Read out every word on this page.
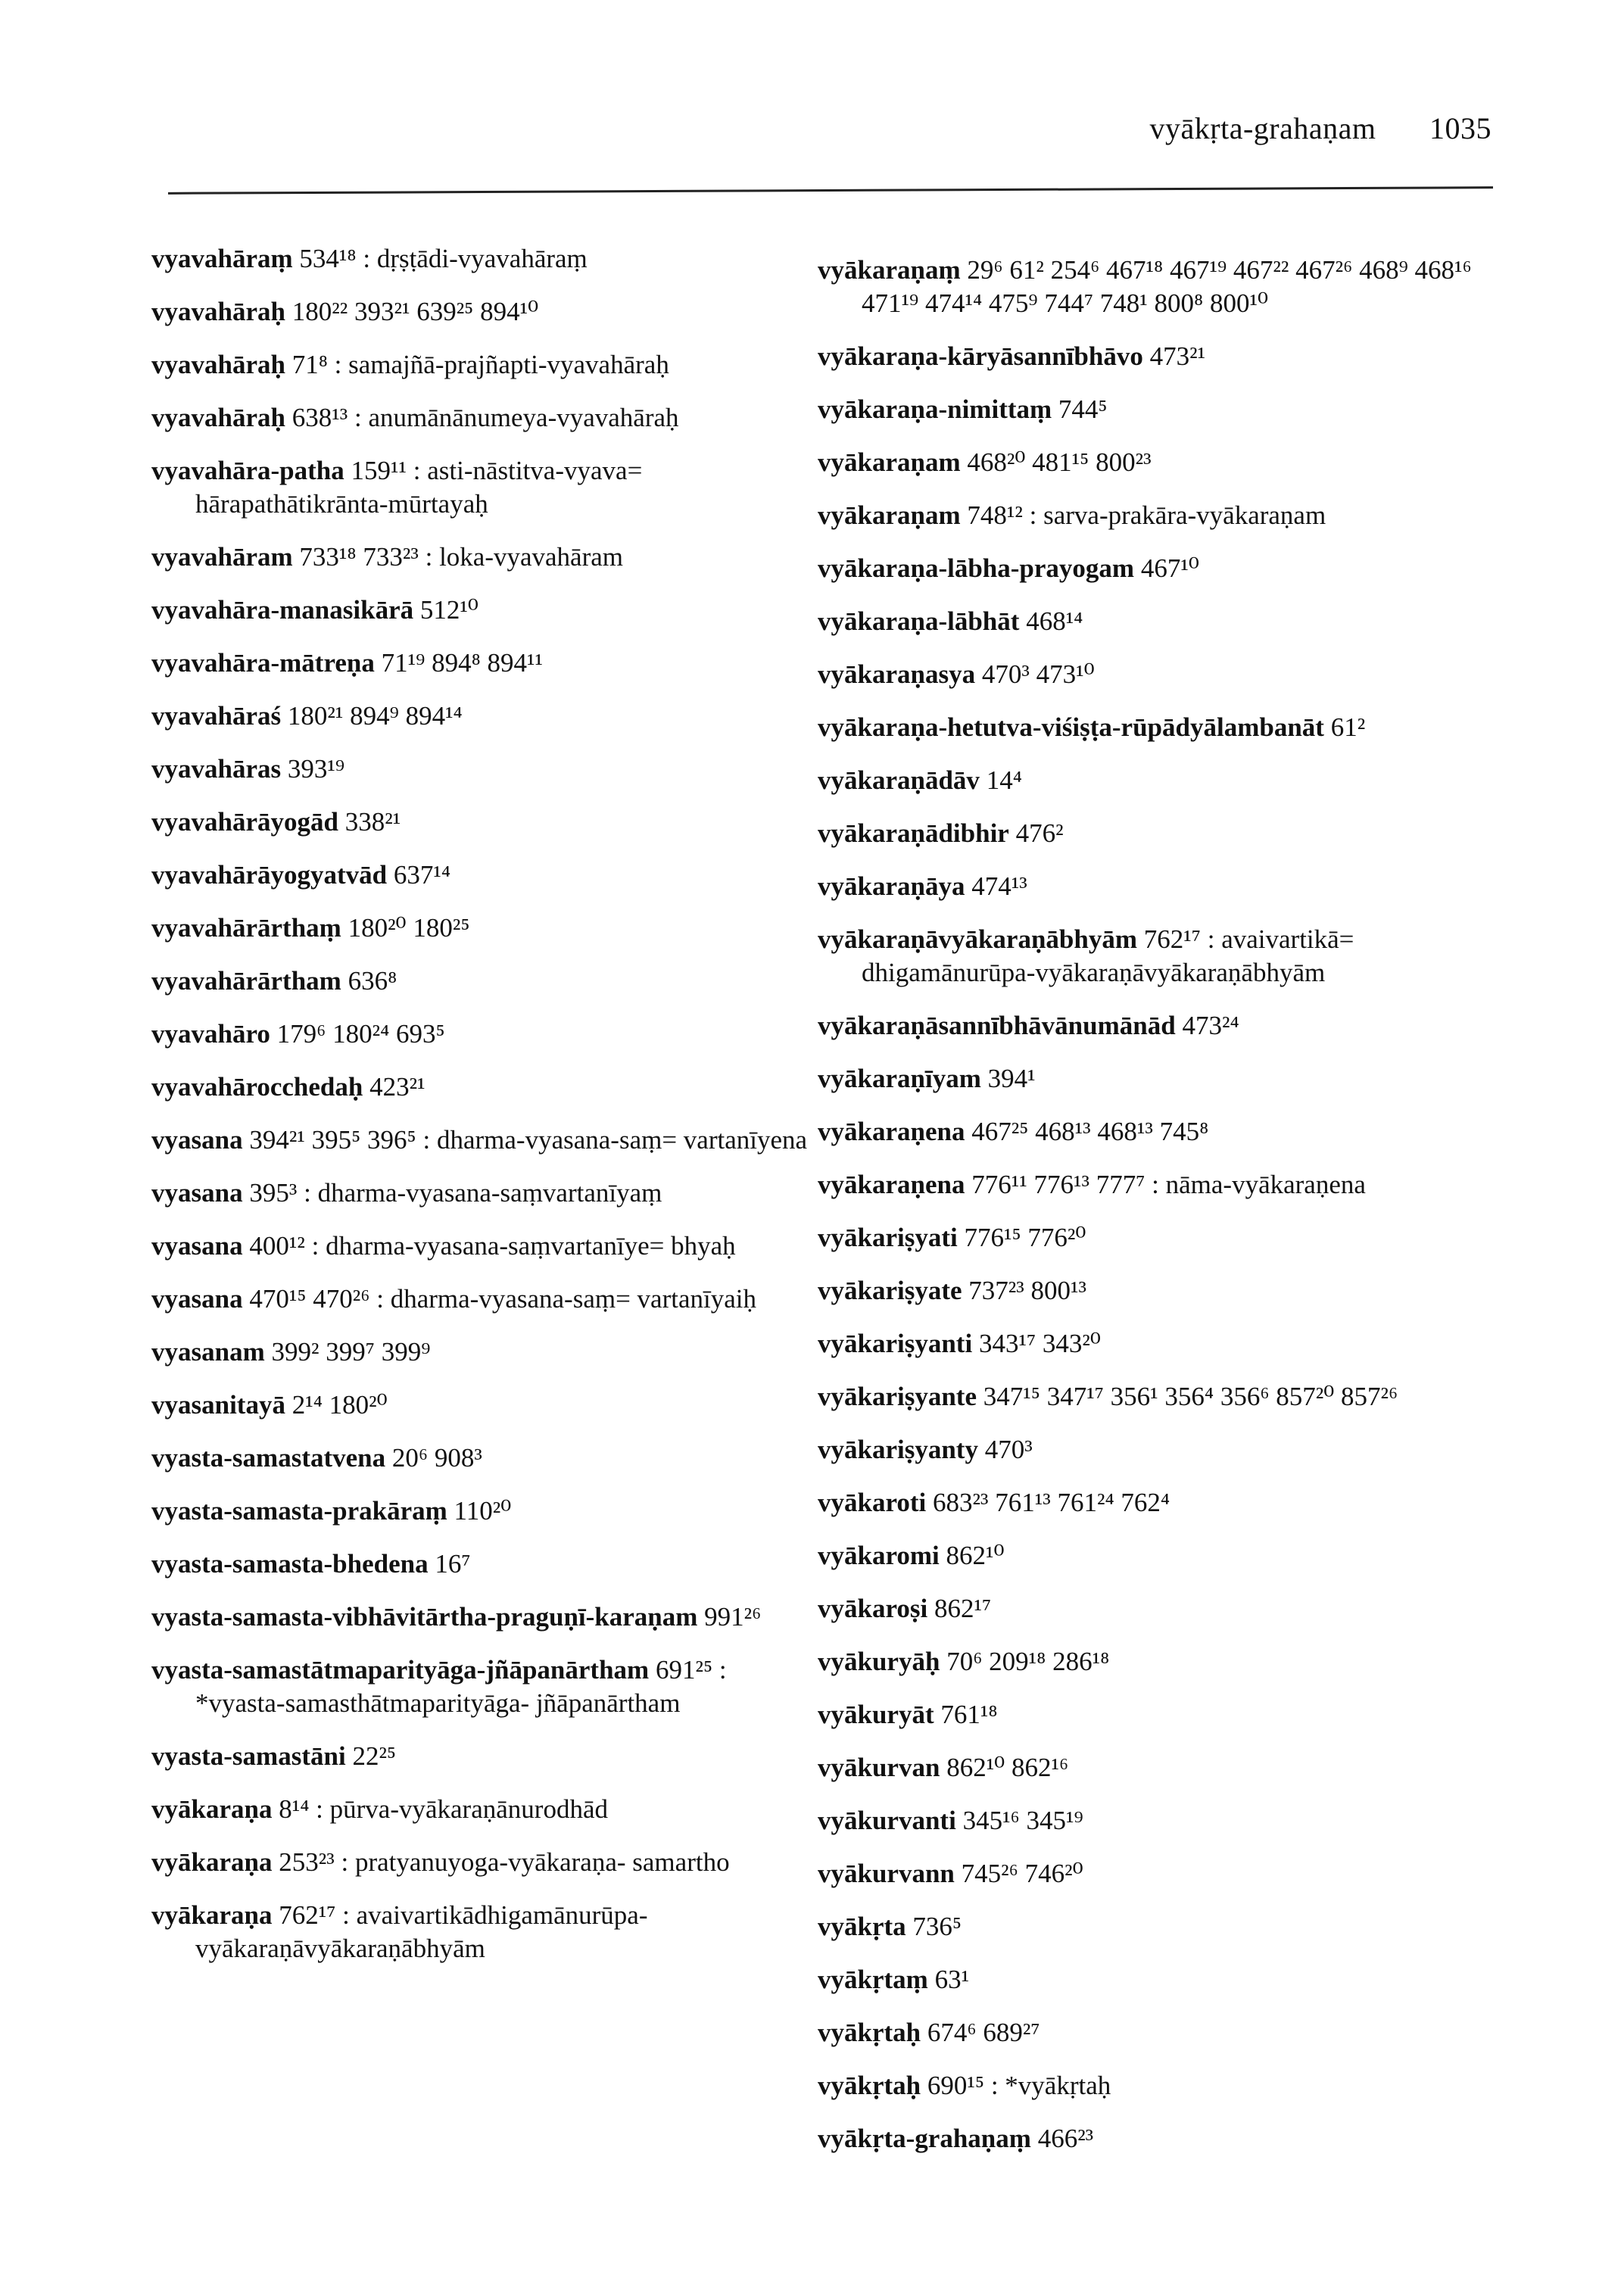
vyākṛta-grahaṇam 1035
vyavahāraṃ 534¹⁸ : dṛṣṭādi-vyavahāraṃ
vyavahāraḥ 180²² 393²¹ 639²⁵ 894¹⁰
vyavahāraḥ 71⁸ : samajñā-prajñapti-vyavahāraḥ
vyavahāraḥ 638¹³ : anumānānumeya-vyavahāraḥ
vyavahāra-patha 159¹¹ : asti-nāstitva-vyava= hārapathātikrānta-mūrtayaḥ
vyavahāram 733¹⁸ 733²³ : loka-vyavahāram
vyavahāra-manasikārā 512¹⁰
vyavahāra-mātreṇa 71¹⁹ 894⁸ 894¹¹
vyavahāraś 180²¹ 894⁹ 894¹⁴
vyavahāras 393¹⁹
vyavahārāyogād 338²¹
vyavahārāyogyatvād 637¹⁴
vyavahārārthaṃ 180²⁰ 180²⁵
vyavahārārtham 636⁸
vyavahāro 179⁶ 180²⁴ 693⁵
vyavahārocchedaḥ 423²¹
vyasana 394²¹ 395⁵ 396⁵ : dharma-vyasana-saṃ= vartanīyena
vyasana 395³ : dharma-vyasana-saṃvartanīyaṃ
vyasana 400¹² : dharma-vyasana-saṃvartanīye= bhyaḥ
vyasana 470¹⁵ 470²⁶ : dharma-vyasana-saṃ= vartanīyaiḥ
vyasanam 399² 399⁷ 399⁹
vyasanitayā 2¹⁴ 180²⁰
vyasta-samastatvena 20⁶ 908³
vyasta-samasta-prakāraṃ 110²⁰
vyasta-samasta-bhedena 16⁷
vyasta-samasta-vibhāvitārtha-praguṇī-karaṇam 991²⁶
vyasta-samastātmaparityāga-jñāpanārtham 691²⁵ : *vyasta-samasthātmaparityāga- jñāpanārtham
vyasta-samastāni 22²⁵
vyākaraṇa 8¹⁴ : pūrva-vyākaraṇānurodhād
vyākaraṇa 253²³ : pratyanuyoga-vyākaraṇa- samartho
vyākaraṇa 762¹⁷ : avaivartikādhigamānurūpa- vyākaraṇāvyākaraṇābhyām
vyākaraṇaṃ 29⁶ 61² 254⁶ 467¹⁸ 467¹⁹ 467²² 467²⁶ 468⁹ 468¹⁶ 471¹⁹ 474¹⁴ 475⁹ 744⁷ 748¹ 800⁸ 800¹⁰
vyākaraṇa-kāryāsannībhāvo 473²¹
vyākaraṇa-nimittaṃ 744⁵
vyākaraṇam 468²⁰ 481¹⁵ 800²³
vyākaraṇam 748¹² : sarva-prakāra-vyākaraṇam
vyākaraṇa-lābha-prayogam 467¹⁰
vyākaraṇa-lābhāt 468¹⁴
vyākaraṇasya 470³ 473¹⁰
vyākaraṇa-hetutva-viśiṣṭa-rūpādyālambanāt 61²
vyākaraṇādāv 14⁴
vyākaraṇādibhir 476²
vyākaraṇāya 474¹³
vyākaraṇāvyākaraṇābhyām 762¹⁷ : avaivartikā= dhigamānurūpa-vyākaraṇāvyākaraṇābhyām
vyākaraṇāsannībhāvānumānād 473²⁴
vyākaraṇīyam 394¹
vyākaraṇena 467²⁵ 468¹³ 468¹³ 745⁸
vyākaraṇena 776¹¹ 776¹³ 777⁷ : nāma-vyākaraṇena
vyākariṣyati 776¹⁵ 776²⁰
vyākariṣyate 737²³ 800¹³
vyākariṣyanti 343¹⁷ 343²⁰
vyākariṣyante 347¹⁵ 347¹⁷ 356¹ 356⁴ 356⁶ 857²⁰ 857²⁶
vyākariṣyanty 470³
vyākaroti 683²³ 761¹³ 761²⁴ 762⁴
vyākaromi 862¹⁰
vyākaroṣi 862¹⁷
vyākuryāḥ 70⁶ 209¹⁸ 286¹⁸
vyākuryāt 761¹⁸
vyākurvan 862¹⁰ 862¹⁶
vyākurvanti 345¹⁶ 345¹⁹
vyākurvann 745²⁶ 746²⁰
vyākṛta 736⁵
vyākṛtaṃ 63¹
vyākṛtaḥ 674⁶ 689²⁷
vyākṛtaḥ 690¹⁵ : *vyākṛtaḥ
vyākṛta-grahaṇaṃ 466²³
